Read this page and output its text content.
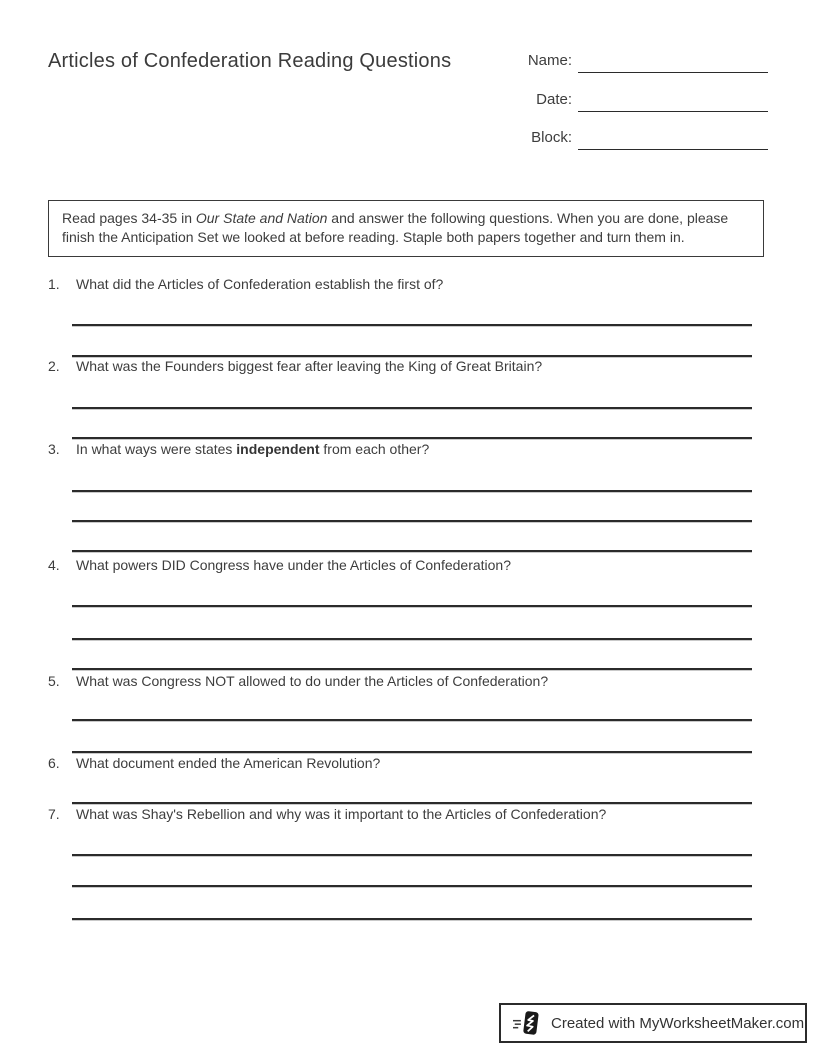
Articles of Confederation Reading Questions	Name:
Date:
Block:
Read pages 34-35 in Our State and Nation and answer the following questions. When you are done, please finish the Anticipation Set we looked at before reading. Staple both papers together and turn them in.
1. What did the Articles of Confederation establish the first of?
2. What was the Founders biggest fear after leaving the King of Great Britain?
3. In what ways were states independent from each other?
4. What powers DID Congress have under the Articles of Confederation?
5. What was Congress NOT allowed to do under the Articles of Confederation?
6. What document ended the American Revolution?
7. What was Shay's Rebellion and why was it important to the Articles of Confederation?
Created with MyWorksheetMaker.com
